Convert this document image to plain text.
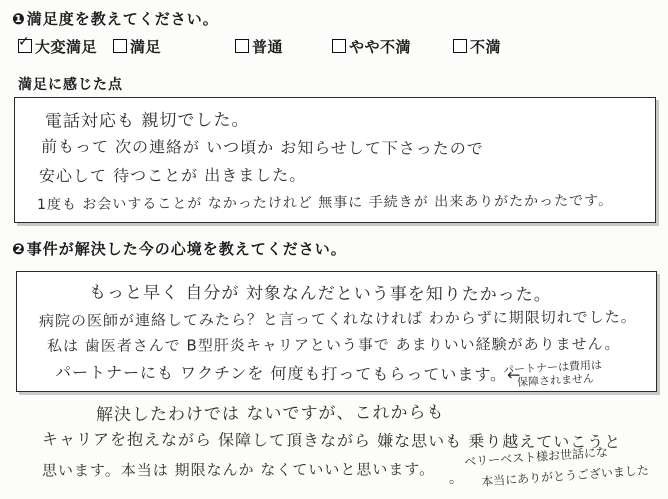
❶満足度を教えてください。
✓ 大変満足	満足	普通	やや不満	不満
満足に感じた点
電話対応も 親切でした。
前もって 次の連絡が いつ頃か お知らせして下さったので
安心して 待つことが 出きました。
1度も お会いすることが なかったけれど 無事に 手続きが 出来ありがたかったです。
❷事件が解決した今の心境を教えてください。
もっと早く 自分が 対象なんだという事を知りたかった。
病院の医師が連絡してみたら？と言ってくれなければ わからずに期限切れでした。
私は 歯医者さんで B型肝炎キャリアという事で あまりいい経験がありません。
パートナーにも ワクチンを 何度も打ってもらっています。←
パートナーは費用は
保障されません
解決したわけでは ないですが、これからも
キャリアを抱えながら 保障して頂きながら 嫌な思いも 乗り越えていこうと
思います。本当は 期限なんか なくていいと思います。 。
ベリーベスト様お世話にな
本当にありがとうございました
